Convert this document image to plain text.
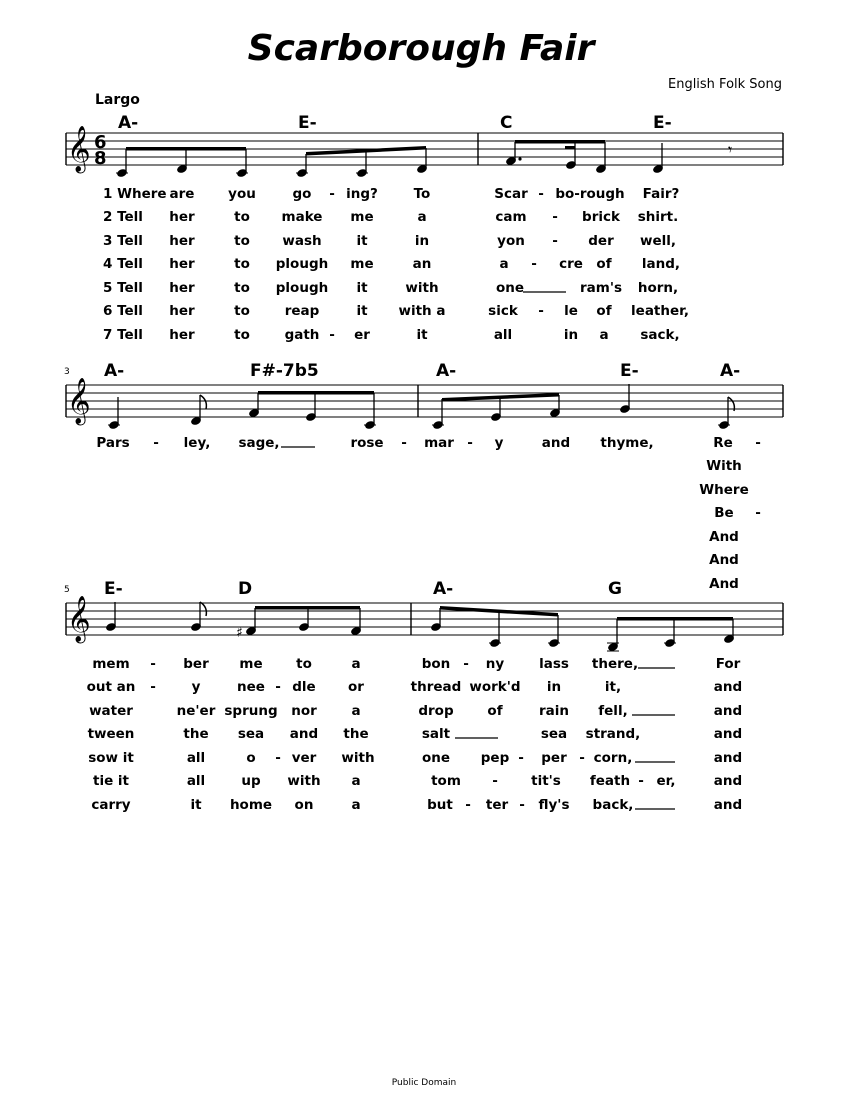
Scarborough Fair
English Folk Song
Largo
𝄞 6
8
A-	E-	C	E-
𝄾
1 Where are you	go - ing?	To	Scar - bo-rough Fair?
2 Tell her	to make me	a	cam - brick shirt.
3 Tell her	to wash	it	in	yon - der well,
4 Tell her	to plough me	an	a - cre of land,
5 Tell her	to plough it	with	one	ram's horn,
6 Tell her	to	reap	it with a	sick - le of leather,
7 Tell her	to	gath - er	it	all	in a sack,
3
𝄞
A-	F#-7b5	A-	E-	A-
Pars - ley, sage,	rose - mar - y	and thyme,	Re -
With
Where
Be -
And
And
And
5
𝄞
E-	D	A-	G
♯
mem - ber me to	a	bon - ny	lass there,	For
out an -	y	nee - dle or	thread work'd in	it,	and
water	ne'er sprung nor	a	drop	of	rain fell,	and
tween	the sea and the	salt	sea strand,	and
sow it	all	o - ver with	one pep - per - corn,	and
tie it	all	up with a	tom - tit's feath - er,	and
carry	it home on	a	but - ter - fly's back,	and
Public Domain
